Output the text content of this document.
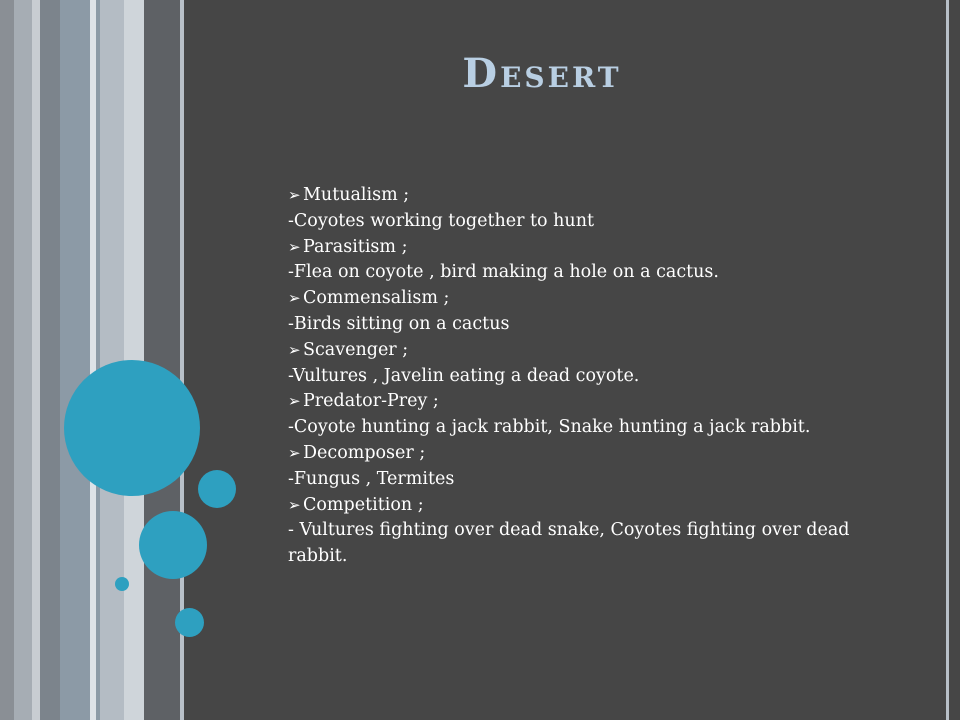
Desert
➢ Mutualism ;
-Coyotes working together to hunt
➢ Parasitism ;
-Flea on coyote , bird making a hole on a cactus.
➢ Commensalism ;
-Birds sitting on a cactus
➢ Scavenger ;
-Vultures , Javelin eating a dead coyote.
➢ Predator-Prey ;
-Coyote hunting a jack rabbit, Snake hunting a jack rabbit.
➢ Decomposer ;
-Fungus , Termites
➢ Competition ;
- Vultures fighting over dead snake, Coyotes fighting over dead rabbit.
